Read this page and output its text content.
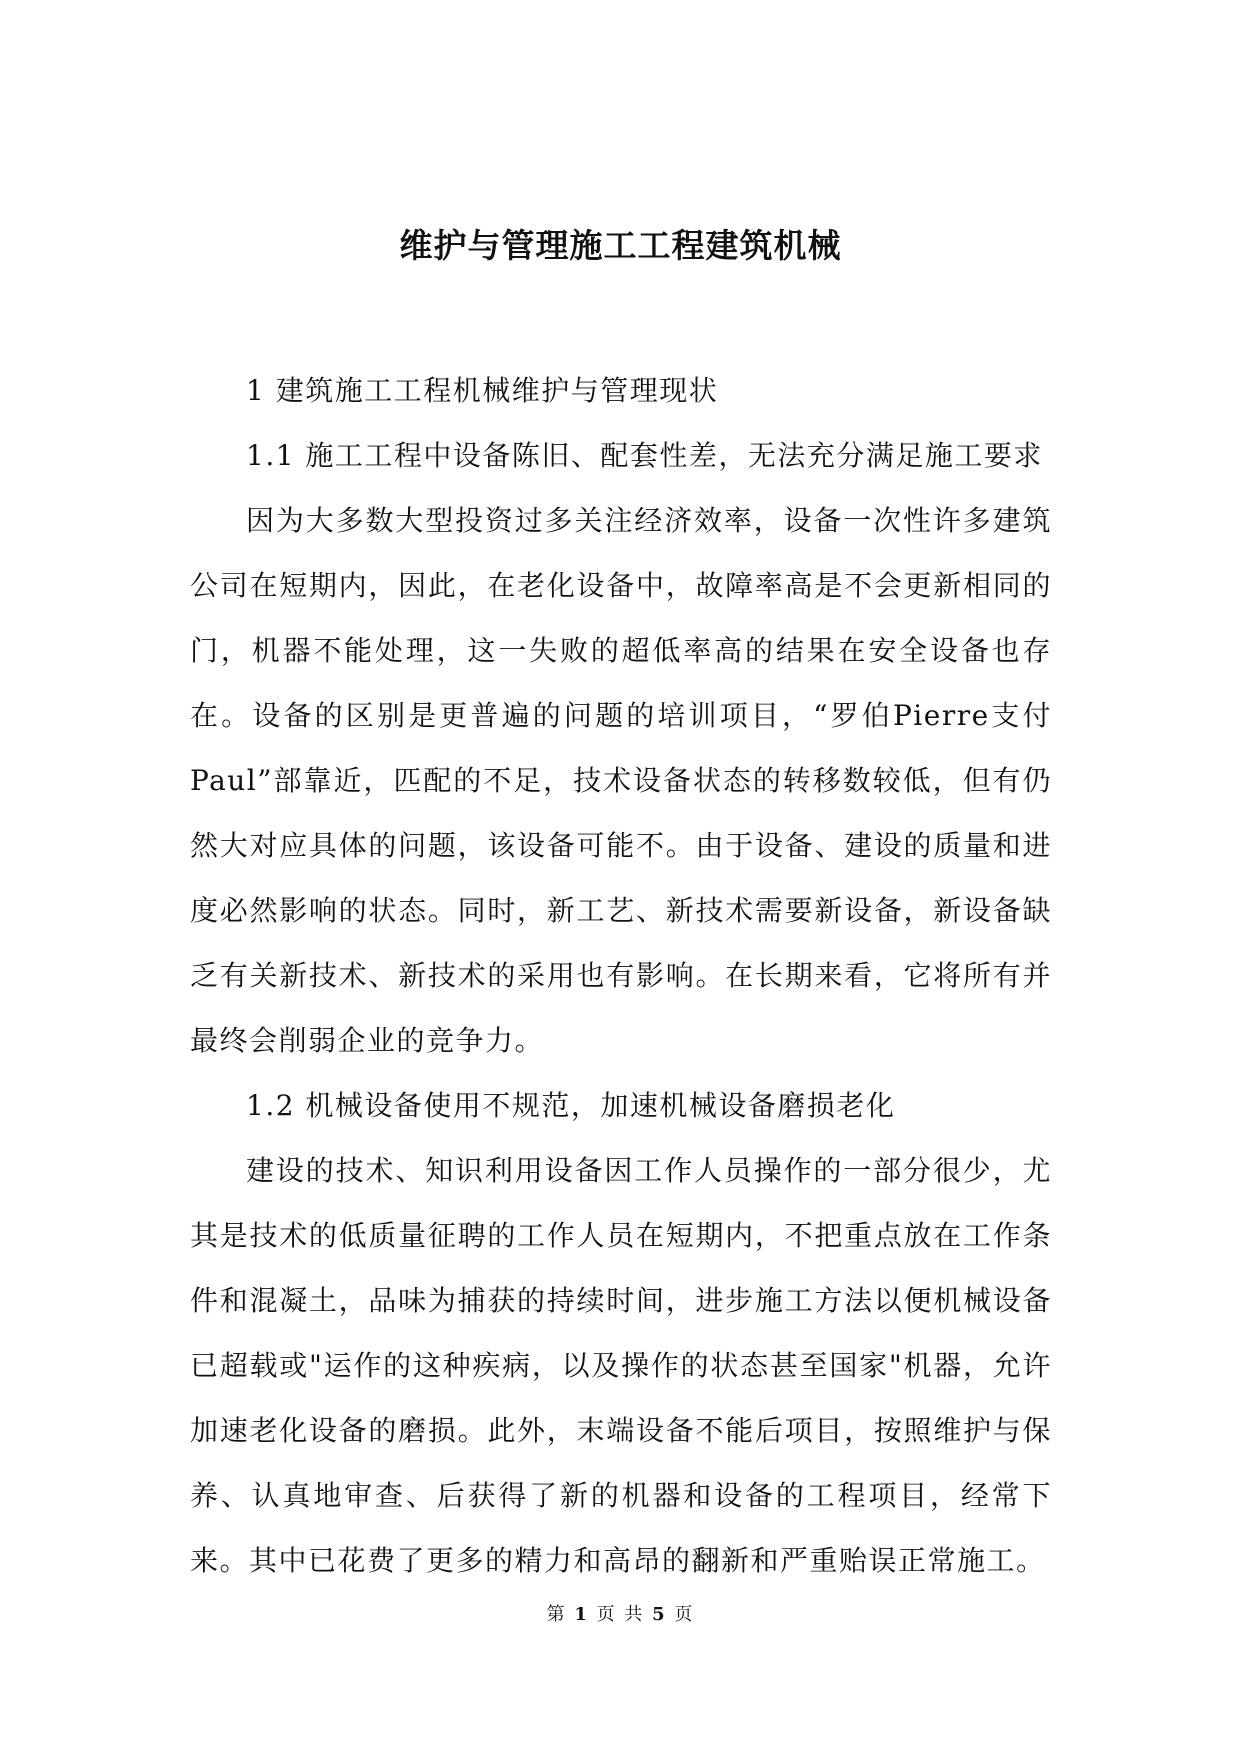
维护与管理施工工程建筑机械

1 建筑施工工程机械维护与管理现状

1.1 施工工程中设备陈旧、配套性差，无法充分满足施工要求

因为大多数大型投资过多关注经济效率，设备一次性许多建筑公司在短期内，因此，在老化设备中，故障率高是不会更新相同的门，机器不能处理，这一失败的超低率高的结果在安全设备也存在。设备的区别是更普遍的问题的培训项目，“罗伯Pierre支付Paul”部靠近，匹配的不足，技术设备状态的转移数较低，但有仍然大对应具体的问题，该设备可能不。由于设备、建设的质量和进度必然影响的状态。同时，新工艺、新技术需要新设备，新设备缺乏有关新技术、新技术的采用也有影响。在长期来看，它将所有并最终会削弱企业的竞争力。

1.2 机械设备使用不规范，加速机械设备磨损老化

建设的技术、知识利用设备因工作人员操作的一部分很少，尤其是技术的低质量征聘的工作人员在短期内，不把重点放在工作条件和混凝土，品味为捕获的持续时间，进步施工方法以便机械设备已超载或"运作的这种疾病，以及操作的状态甚至国家"机器，允许加速老化设备的磨损。此外，末端设备不能后项目，按照维护与保养、认真地审查、后获得了新的机器和设备的工程项目，经常下来。其中已花费了更多的精力和高昂的翻新和严重贻误正常施工。

第 1 页 共 5 页
